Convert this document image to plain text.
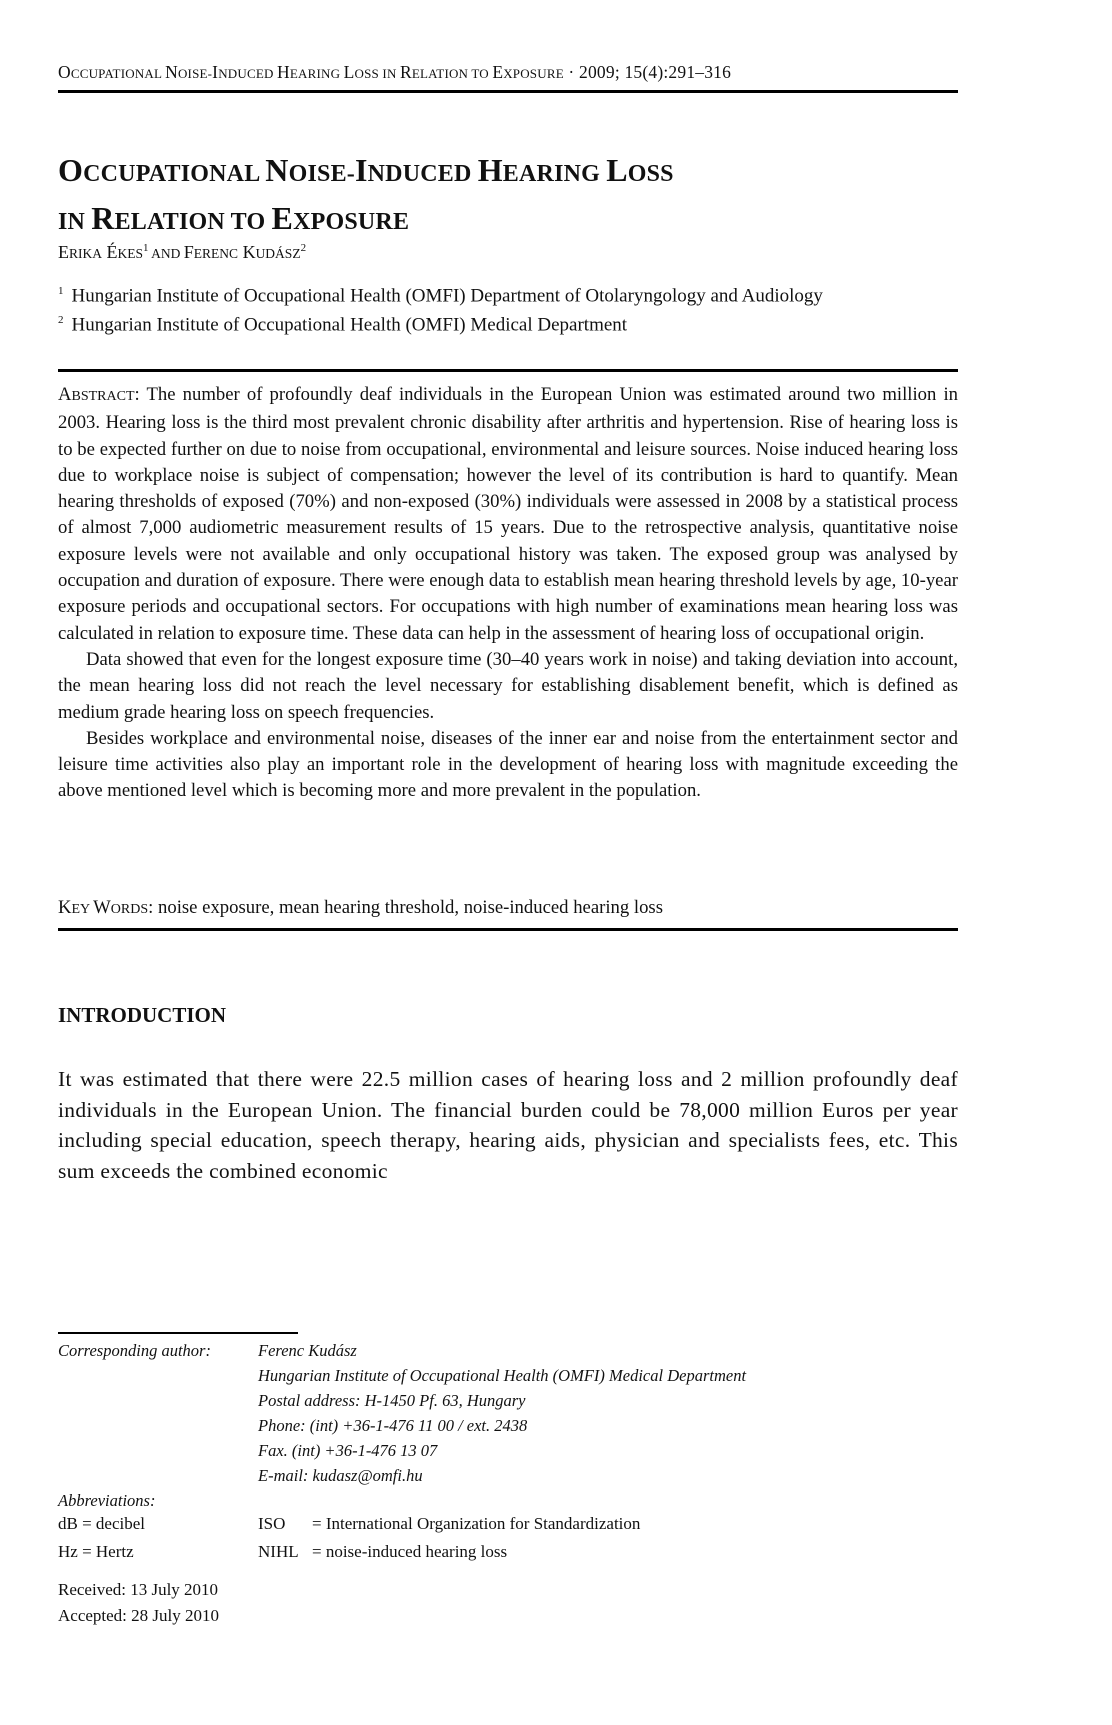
OCCUPATIONAL NOISE-INDUCED HEARING LOSS IN RELATION TO EXPOSURE · 2009; 15(4):291–316
OCCUPATIONAL NOISE-INDUCED HEARING LOSS
IN RELATION TO EXPOSURE
ERIKA ÉKES$^1$ AND FERENC KUDÁSZ$^2$
$^1$ Hungarian Institute of Occupational Health (OMFI) Department of Otolaryngology and Audiology
$^2$ Hungarian Institute of Occupational Health (OMFI) Medical Department

ABSTRACT: The number of profoundly deaf individuals in the European Union was estimated around two million in 2003. Hearing loss is the third most prevalent chronic disability after arthritis and hypertension. Rise of hearing loss is to be expected further on due to noise from occupational, environmental and leisure sources. Noise induced hearing loss due to workplace noise is subject of compensation; however the level of its contribution is hard to quantify. Mean hearing thresholds of exposed (70%) and non-exposed (30%) individuals were assessed in 2008 by a statistical process of almost 7,000 audiometric measurement results of 15 years. Due to the retrospective analysis, quantitative noise exposure levels were not available and only occupational history was taken. The exposed group was analysed by occupation and duration of exposure. There were enough data to establish mean hearing threshold levels by age, 10-year exposure periods and occupational sectors. For occupations with high number of examinations mean hearing loss was calculated in relation to exposure time. These data can help in the assessment of hearing loss of occupational origin.

Data showed that even for the longest exposure time (30–40 years work in noise) and taking deviation into account, the mean hearing loss did not reach the level necessary for establishing disablement benefit, which is defined as medium grade hearing loss on speech frequencies.

Besides workplace and environmental noise, diseases of the inner ear and noise from the entertainment sector and leisure time activities also play an important role in the development of hearing loss with magnitude exceeding the above mentioned level which is becoming more and more prevalent in the population.

KEY WORDS: noise exposure, mean hearing threshold, noise-induced hearing loss
INTRODUCTION

It was estimated that there were 22.5 million cases of hearing loss and 2 million profoundly deaf individuals in the European Union. The financial burden could be 78,000 million Euros per year including special education, speech therapy, hearing aids, physician and specialists fees, etc. This sum exceeds the combined economic

Corresponding author:	Ferenc Kudász
Hungarian Institute of Occupational Health (OMFI) Medical Department
Postal address: H-1450 Pf. 63, Hungary
Phone: (int) +36-1-476 11 00 / ext. 2438
Fax. (int) +36-1-476 13 07
E-mail: kudasz@omfi.hu
Abbreviations:
dB = decibel	ISO = International Organization for Standardization
Hz = Hertz	NIHL = noise-induced hearing loss
Received: 13 July 2010
Accepted: 28 July 2010
